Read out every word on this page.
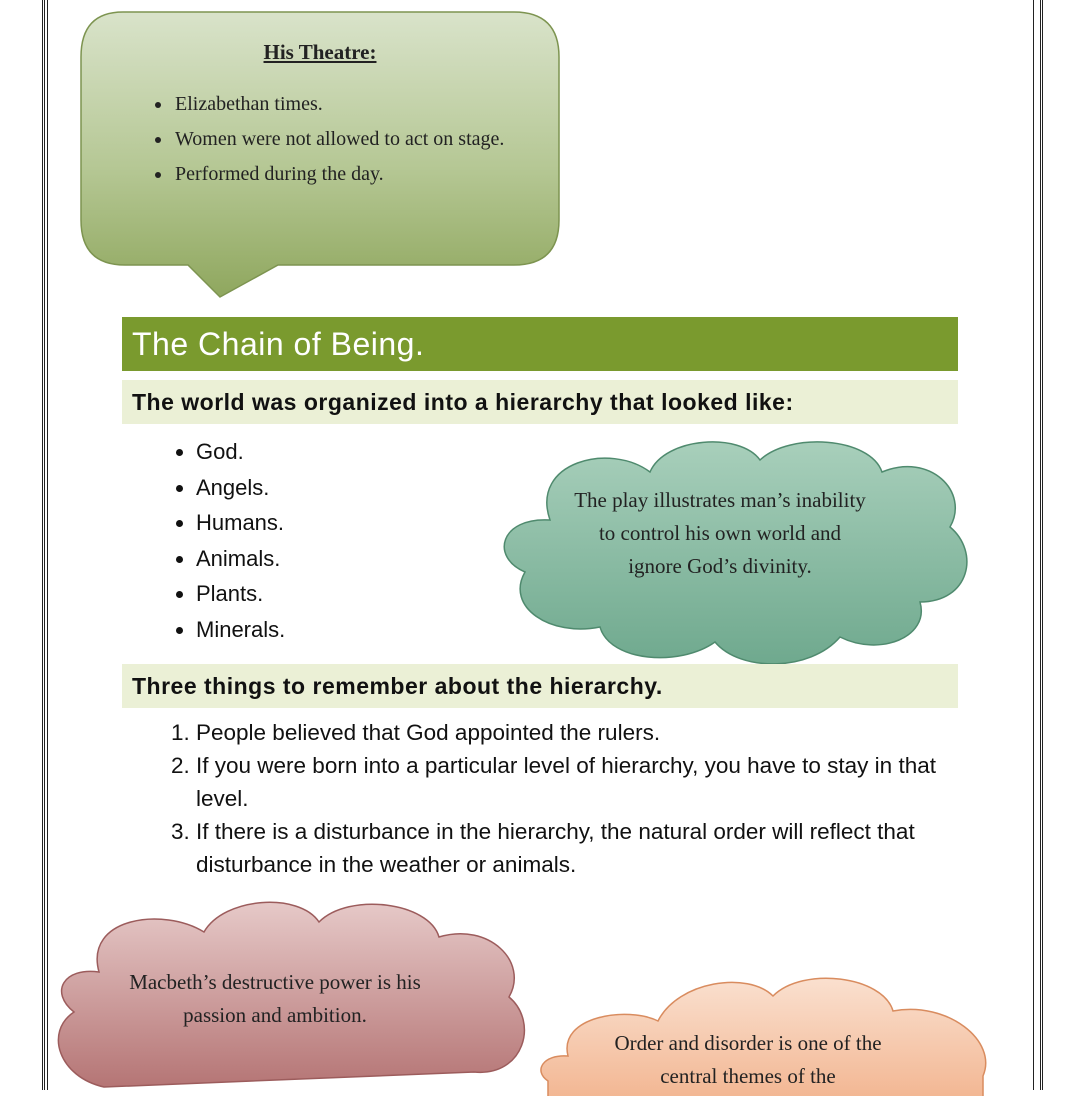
His Theatre:

• Elizabethan times.
• Women were not allowed to act on stage.
• Performed during the day.
The Chain of Being.
The world was organized into a hierarchy that looked like:
• God.
• Angels.
• Humans.
• Animals.
• Plants.
• Minerals.
The play illustrates man’s inability to control his own world and ignore God’s divinity.
Three things to remember about the hierarchy.
1. People believed that God appointed the rulers.
2. If you were born into a particular level of hierarchy, you have to stay in that level.
3. If there is a disturbance in the hierarchy, the natural order will reflect that disturbance in the weather or animals.
Macbeth’s destructive power is his passion and ambition.
Order and disorder is one of the central themes of the
